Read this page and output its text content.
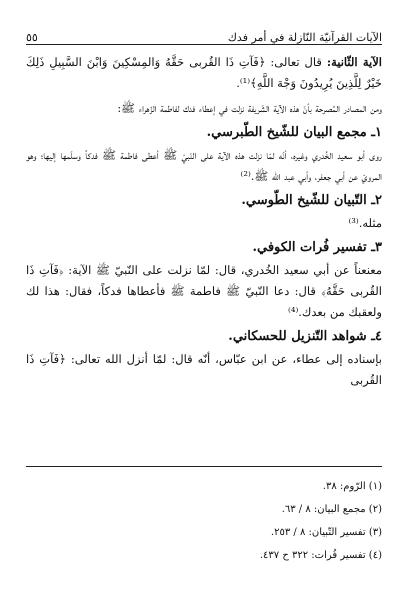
الآيات القرآنيّة النّازلة في أمر فدك
٥٥

الآية الثّانية: قال تعالى: ﴿فَآتِ ذَا القُربى حَقَّهُ وَالمِسْكِينَ وَابْنَ السَّبِيلِ ذَلِكَ خَيْرٌ لِلَّذِينَ يُرِيدُونَ وَجْهَ اللَّهِ﴾⁽¹⁾.

ومن المصادر المُصرحة بأنّ هذه الآية الشّريفة نزلت في إعطاء فدك لفاطمة الزّهراء ﷺ:

١ـ مجمع البيان للشّيخ الطّبرسي.

روى أبو سعيد الخُدري وغيره، أنّه لمّا نزلت هذه الآية على النّبيّ ﷺ أعطى فاطمة ﷺ فدكاً وسلّمها إليها؛ وهو المرويّ عن أبي جعفر، وأبي عبد الله ﷺ.⁽²⁾

٢ـ التّبيان للشّيخ الطّوسي.

مثله.⁽³⁾

٣ـ تفسير فُرات الكوفي.

معنعناً عن أبي سعيد الخُدري، قال: لمّا نزلت على النّبيّ ﷺ الآية: ﴿فَآتِ ذَا القُربى حَقَّهُ﴾ قال: دعا النّبيّ ﷺ فاطمة ﷺ فأعطاها فدكاً، فقال: هذا لك ولعقبك من بعدك.⁽⁴⁾

٤ـ شواهد التّنزيل للحسكاني.

بإسناده إلى عطاء، عن ابن عبّاس، أنّه قال: لمّا أنزل الله تعالى: ﴿فَآتِ ذَا القُربى

(١) الرّوم: ٣٨.

(٢) مجمع البيان: ٨ / ٦٣.

(٣) تفسير التّبيان: ٨ / ٢٥٣.

(٤) تفسير فُرات: ٣٢٢ ح ٤٣٧.
